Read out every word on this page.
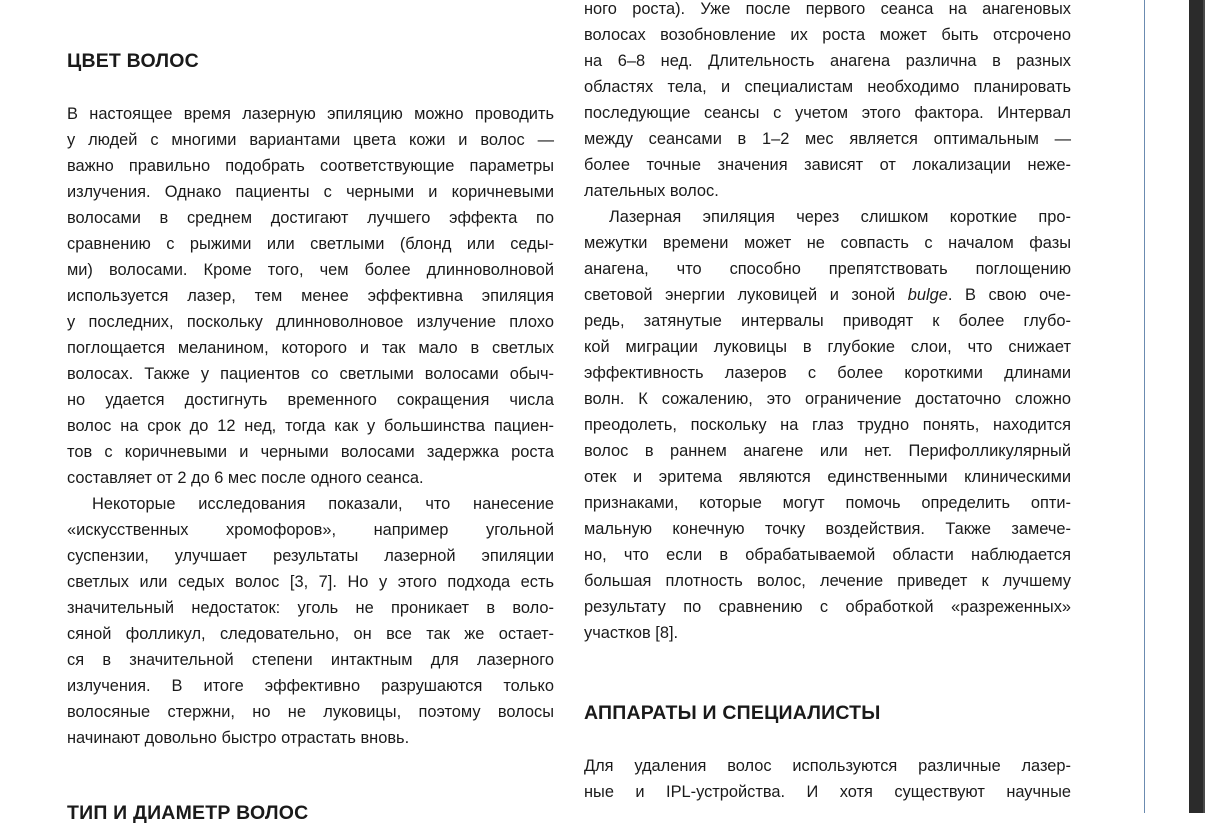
ЦВЕТ ВОЛОС
В настоящее время лазерную эпиляцию можно проводить
у людей с многими вариантами цвета кожи и волос —
важно правильно подобрать соответствующие параметры
излучения. Однако пациенты с черными и коричневыми
волосами в среднем достигают лучшего эффекта по
сравнению с рыжими или светлыми (блонд или седы-
ми) волосами. Кроме того, чем более длинноволновой
используется лазер, тем менее эффективна эпиляция
у последних, поскольку длинноволновое излучение плохо
поглощается меланином, которого и так мало в светлых
волосах. Также у пациентов со светлыми волосами обыч-
но удается достигнуть временного сокращения числа
волос на срок до 12 нед, тогда как у большинства пациен-
тов с коричневыми и черными волосами задержка роста
составляет от 2 до 6 мес после одного сеанса.
Некоторые исследования показали, что нанесение
«искусственных хромофоров», например угольной
суспензии, улучшает результаты лазерной эпиляции
светлых или седых волос [3, 7]. Но у этого подхода есть
значительный недостаток: уголь не проникает в воло-
сяной фолликул, следовательно, он все так же остает-
ся в значительной степени интактным для лазерного
излучения. В итоге эффективно разрушаются только
волосяные стержни, но не луковицы, поэтому волосы
начинают довольно быстро отрастать вновь.
ТИП И ДИАМЕТР ВОЛОС
ного роста). Уже после первого сеанса на анагеновых
волосах возобновление их роста может быть отсрочено
на 6–8 нед. Длительность анагена различна в разных
областях тела, и специалистам необходимо планировать
последующие сеансы с учетом этого фактора. Интервал
между сеансами в 1–2 мес является оптимальным —
более точные значения зависят от локализации неже-
лательных волос.
Лазерная эпиляция через слишком короткие про-
межутки времени может не совпасть с началом фазы
анагена, что способно препятствовать поглощению
световой энергии луковицей и зоной bulge. В свою оче-
редь, затянутые интервалы приводят к более глубо-
кой миграции луковицы в глубокие слои, что снижает
эффективность лазеров с более короткими длинами
волн. К сожалению, это ограничение достаточно сложно
преодолеть, поскольку на глаз трудно понять, находится
волос в раннем анагене или нет. Перифолликулярный
отек и эритема являются единственными клиническими
признаками, которые могут помочь определить опти-
мальную конечную точку воздействия. Также замече-
но, что если в обрабатываемой области наблюдается
большая плотность волос, лечение приведет к лучшему
результату по сравнению с обработкой «разреженных»
участков [8].
АППАРАТЫ И СПЕЦИАЛИСТЫ
Для удаления волос используются различные лазер-
ные и IPL-устройства. И хотя существуют научные
